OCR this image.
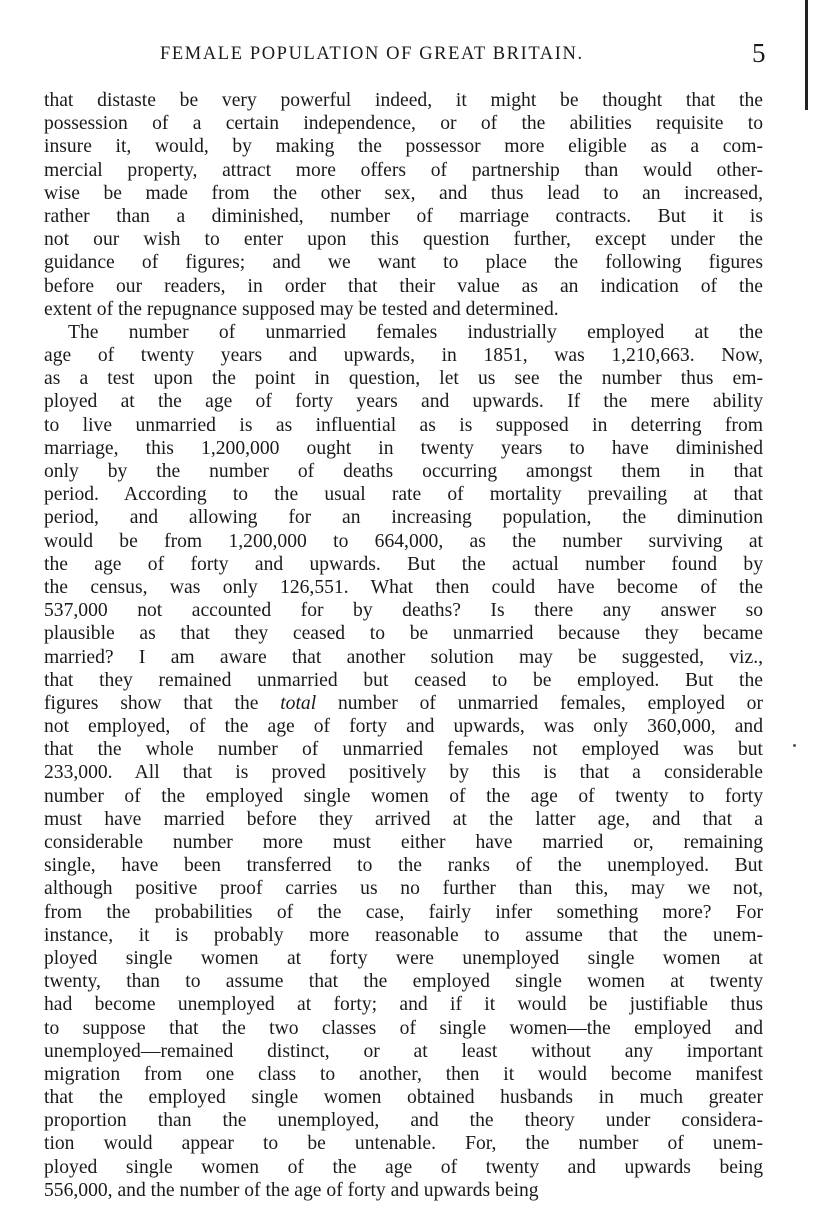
FEMALE POPULATION OF GREAT BRITAIN.	5
that distaste be very powerful indeed, it might be thought that the
possession of a certain independence, or of the abilities requisite to
insure it, would, by making the possessor more eligible as a com-
mercial property, attract more offers of partnership than would other-
wise be made from the other sex, and thus lead to an increased,
rather than a diminished, number of marriage contracts. But it is
not our wish to enter upon this question further, except under the
guidance of figures; and we want to place the following figures
before our readers, in order that their value as an indication of the
extent of the repugnance supposed may be tested and determined.
The number of unmarried females industrially employed at the
age of twenty years and upwards, in 1851, was 1,210,663. Now,
as a test upon the point in question, let us see the number thus em-
ployed at the age of forty years and upwards. If the mere ability
to live unmarried is as influential as is supposed in deterring from
marriage, this 1,200,000 ought in twenty years to have diminished
only by the number of deaths occurring amongst them in that
period. According to the usual rate of mortality prevailing at that
period, and allowing for an increasing population, the diminution
would be from 1,200,000 to 664,000, as the number surviving at
the age of forty and upwards. But the actual number found by
the census, was only 126,551. What then could have become of the
537,000 not accounted for by deaths? Is there any answer so
plausible as that they ceased to be unmarried because they became
married? I am aware that another solution may be suggested, viz.,
that they remained unmarried but ceased to be employed. But the
figures show that the total number of unmarried females, employed or
not employed, of the age of forty and upwards, was only 360,000, and
that the whole number of unmarried females not employed was but
233,000. All that is proved positively by this is that a considerable
number of the employed single women of the age of twenty to forty
must have married before they arrived at the latter age, and that a
considerable number more must either have married or, remaining
single, have been transferred to the ranks of the unemployed. But
although positive proof carries us no further than this, may we not,
from the probabilities of the case, fairly infer something more? For
instance, it is probably more reasonable to assume that the unem-
ployed single women at forty were unemployed single women at
twenty, than to assume that the employed single women at twenty
had become unemployed at forty; and if it would be justifiable thus
to suppose that the two classes of single women—the employed and
unemployed—remained distinct, or at least without any important
migration from one class to another, then it would become manifest
that the employed single women obtained husbands in much greater
proportion than the unemployed, and the theory under considera-
tion would appear to be untenable. For, the number of unem-
ployed single women of the age of twenty and upwards being
556,000, and the number of the age of forty and upwards being
